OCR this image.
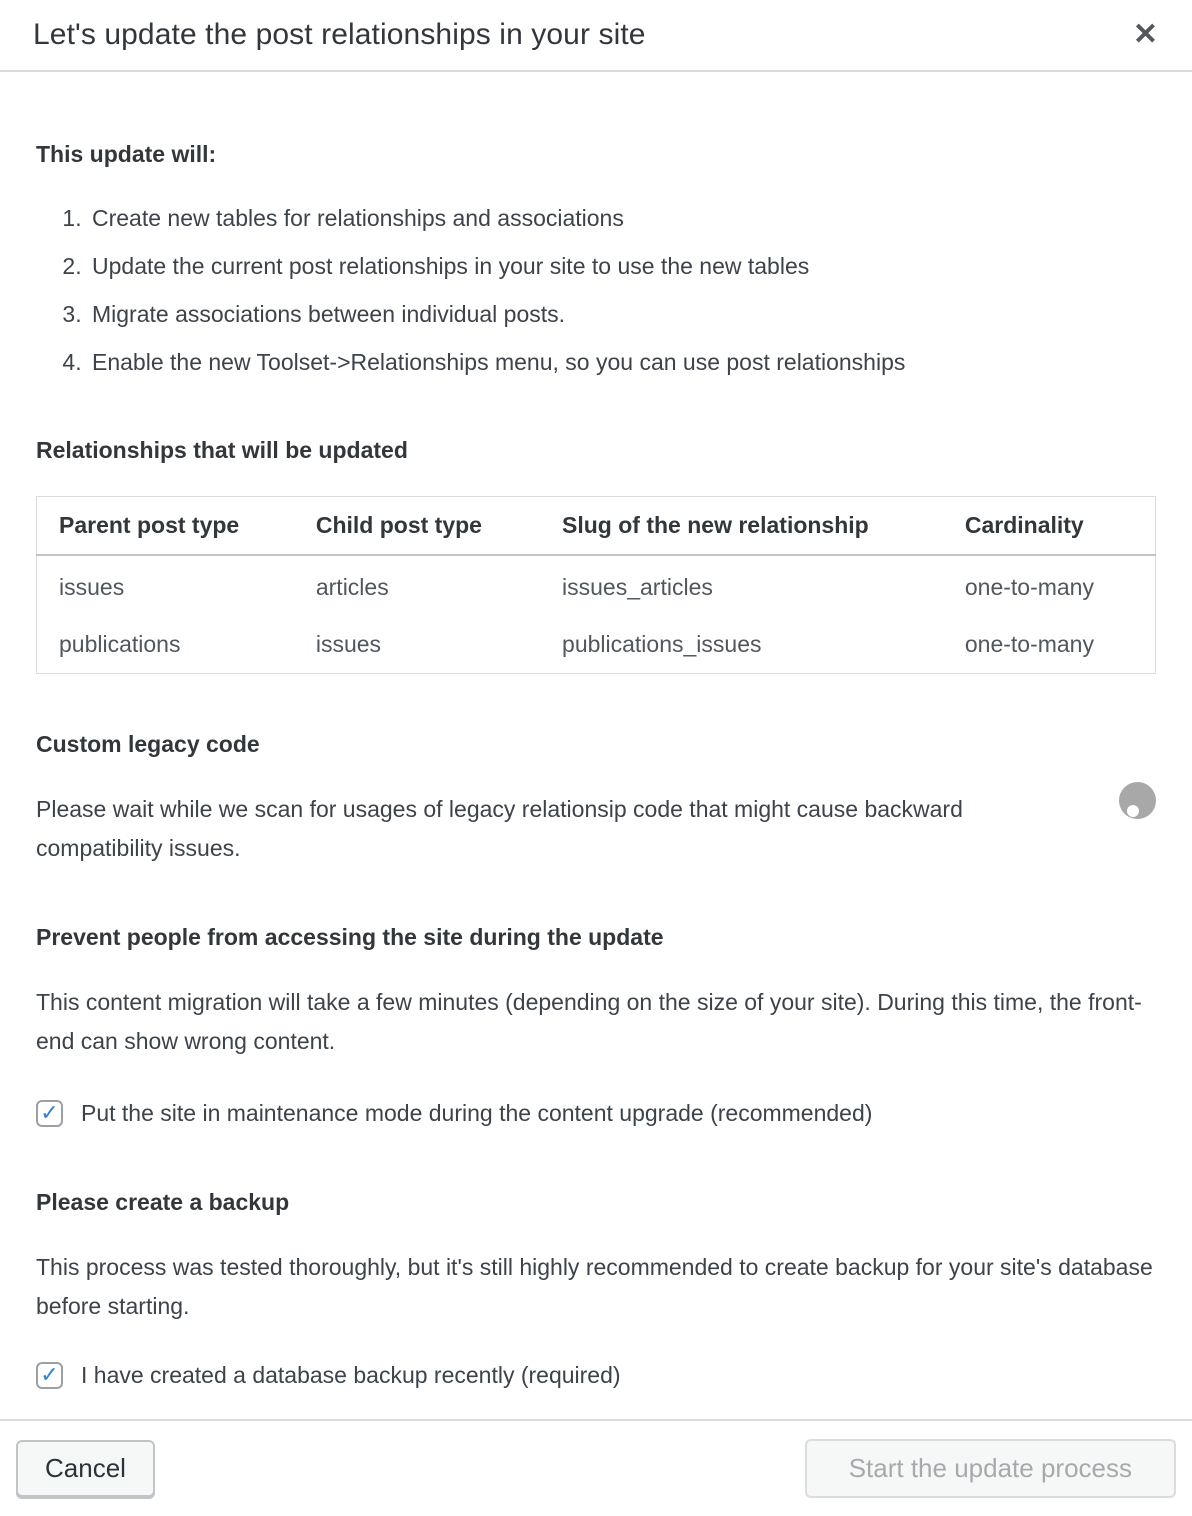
Let's update the post relationships in your site	✕
This update will:
1. Create new tables for relationships and associations
2. Update the current post relationships in your site to use the new tables
3. Migrate associations between individual posts.
4. Enable the new Toolset->Relationships menu, so you can use post relationships
Relationships that will be updated
Parent post type	Child post type	Slug of the new relationship	Cardinality
issues	articles	issues_articles	one-to-many
publications	issues	publications_issues	one-to-many
Custom legacy code

Please wait while we scan for usages of legacy relationsip code that might cause backward compatibility issues.

Prevent people from accessing the site during the update

This content migration will take a few minutes (depending on the size of your site). During this time, the front-end can show wrong content.

✓ Put the site in maintenance mode during the content upgrade (recommended)
Please create a backup

This process was tested thoroughly, but it's still highly recommended to create backup for your site's database before starting.

✓ I have created a database backup recently (required)
Cancel	Start the update process
